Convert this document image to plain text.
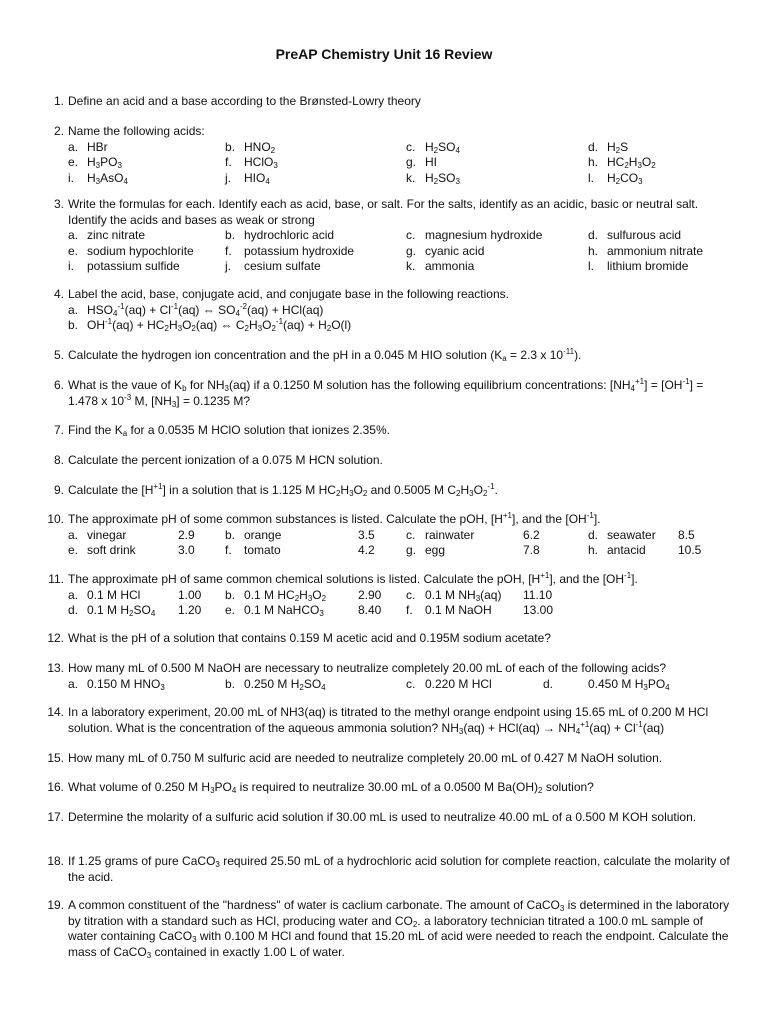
PreAP Chemistry Unit 16 Review
1. Define an acid and a base according to the Brønsted-Lowry theory
2. Name the following acids:
a. HBr	b. $HNO_2$	c. $H_2SO_4$	d. $H_2S$
e. $H_3PO_3$	f. HClO$_3$	g. HI	h. $HC_2H_3O_2$
i. $H_3AsO_4$	j. $HIO_4$	k. $H_2SO_3$	l. $H_2CO_3$
3. Write the formulas for each. Identify each as acid, base, or salt. For the salts, identify as an acidic, basic or neutral salt. Identify the acids and bases as weak or strong
a. zinc nitrate	b. hydrochloric acid	c. magnesium hydroxide	d. sulfurous acid
e. sodium hypochlorite	f. potassium hydroxide	g. cyanic acid	h. ammonium nitrate
i. potassium sulfide	j. cesium sulfate	k. ammonia	l. lithium bromide
4. Label the acid, base, conjugate acid, and conjugate base in the following reactions.
a. $HSO_4^{-1}(aq) + Cl^{-1}(aq)$ ⇔ $SO_4^{-2}(aq) + HCl(aq)$
b. $OH^{-1}(aq) + HC_2H_3O_2(aq)$ ⇔ $C_2H_3O_2^{-1}(aq) + H_2O(l)$
5. Calculate the hydrogen ion concentration and the pH in a 0.045 M HIO solution ($K_a = 2.3$ x $10^{-11}$).
6. What is the vaue of $K_b$ for $NH_3(aq)$ if a 0.1250 M solution has the following equilibrium concentrations: $[NH_4^{+1}] = [OH^{-1}] = 1.478$ x $10^{-3}$ M, $[NH_3] = 0.1235$ M?
7. Find the $K_a$ for a 0.0535 M HClO solution that ionizes 2.35%.
8. Calculate the percent ionization of a 0.075 M HCN solution.
9. Calculate the $[H^{+1}]$ in a solution that is 1.125 M $HC_2H_3O_2$ and 0.5005 M $C_2H_3O_2^{-1}$.
10. The approximate pH of some common substances is listed. Calculate the pOH, $[H^{+1}]$, and the $[OH^{-1}]$.
a. vinegar	2.9	b. orange	3.5	c. rainwater	6.2	d. seawater 8.5
e. soft drink	3.0	f. tomato	4.2	g. egg	7.8	h. antacid	10.5
11. The approximate pH of same common chemical solutions is listed. Calculate the pOH, $[H^{+1}]$, and the $[OH^{-1}]$.
a. 0.1 M HCl	1.00 b. 0.1 M $HC_2H_3O_2$	2.90 c. 0.1 M $NH_3(aq)$ 11.10
d. 0.1 M $H_2SO_4$ 1.20 e. 0.1 M NaHCO$_3$	8.40 f. 0.1 M NaOH	13.00
12. What is the pH of a solution that contains 0.159 M acetic acid and 0.195M sodium acetate?
13. How many mL of 0.500 M NaOH are necessary to neutralize completely 20.00 mL of each of the following acids?
a. 0.150 M $HNO_3$	b. 0.250 M $H_2SO_4$	c. 0.220 M HCl	d.	0.450 M $H_3PO_4$
14. In a laboratory experiment, 20.00 mL of NH3(aq) is titrated to the methyl orange endpoint using 15.65 mL of 0.200 M HCl solution. What is the concentration of the aqueous ammonia solution? $NH_3(aq) + HCl(aq) \to NH_4^{+1}(aq) + Cl^{-1}(aq)$
15. How many mL of 0.750 M sulfuric acid are needed to neutralize completely 20.00 mL of 0.427 M NaOH solution.
16. What volume of 0.250 M $H_3PO_4$ is required to neutralize 30.00 mL of a 0.0500 M $Ba(OH)_2$ solution?
17. Determine the molarity of a sulfuric acid solution if 30.00 mL is used to neutralize 40.00 mL of a 0.500 M KOH solution.
18. If 1.25 grams of pure CaCO$_3$ required 25.50 mL of a hydrochloric acid solution for complete reaction, calculate the molarity of the acid.
19. A common constituent of the "hardness" of water is caclium carbonate. The amount of CaCO$_3$ is determined in the laboratory by titration with a standard such as HCl, producing water and $CO_2$. a laboratory technician titrated a 100.0 mL sample of water containing CaCO$_3$ with 0.100 M HCl and found that 15.20 mL of acid were needed to reach the endpoint. Calculate the mass of CaCO$_3$ contained in exactly 1.00 L of water.
